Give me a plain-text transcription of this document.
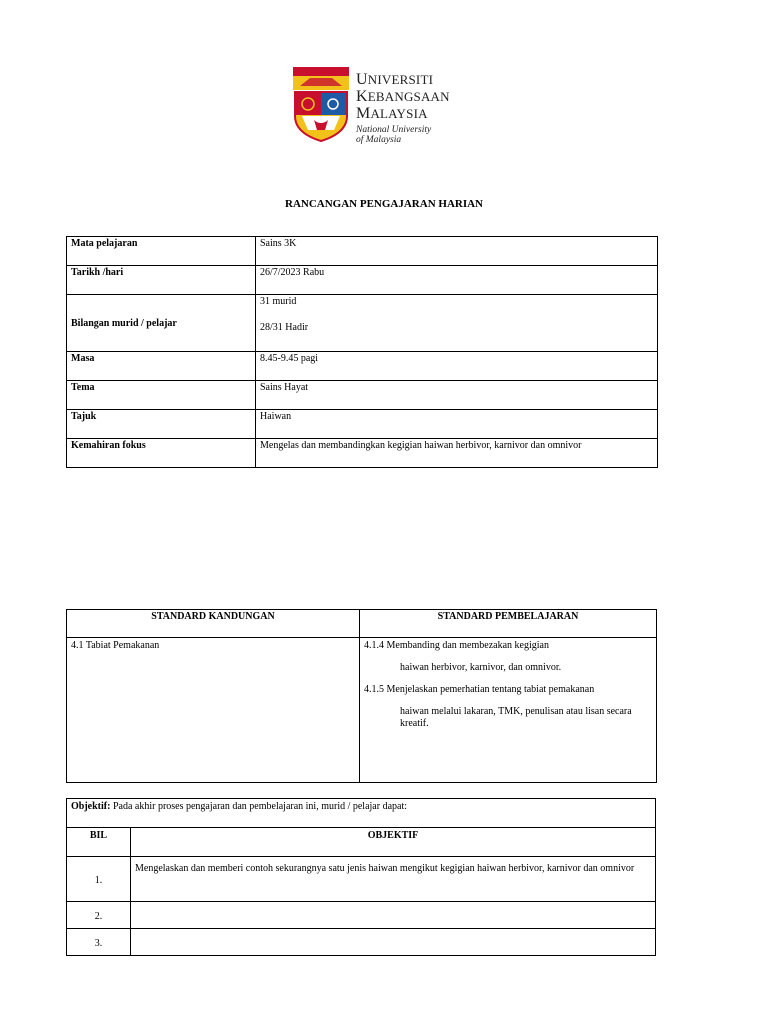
UNIVERSITI
KEBANGSAAN
MALAYSIA
National University
of Malaysia
RANCANGAN PENGAJARAN HARIAN
Mata pelajaran	Sains 3K
Tarikh /hari	26/7/2023 Rabu
Bilangan murid / pelajar	31 murid

28/31 Hadir

Masa	8.45-9.45 pagi
Tema	Sains Hayat
Tajuk	Haiwan
Kemahiran fokus	Mengelas dan membandingkan kegigian haiwan herbivor, karnivor dan omnivor
STANDARD KANDUNGAN	STANDARD PEMBELAJARAN

4.1 Tabiat Pemakanan	4.1.4 Membanding dan membezakan kegigian

haiwan herbivor, karnivor, dan omnivor.

4.1.5 Menjelaskan pemerhatian tentang tabiat pemakanan

haiwan melalui lakaran, TMK, penulisan atau lisan secara kreatif.

Objektif: Pada akhir proses pengajaran dan pembelajaran ini, murid / pelajar dapat:	
BIL	OBJEKTIF
1.	Mengelaskan dan memberi contoh sekurangnya satu jenis haiwan mengikut kegigian haiwan herbivor, karnivor dan omnivor
2.	
3.	
